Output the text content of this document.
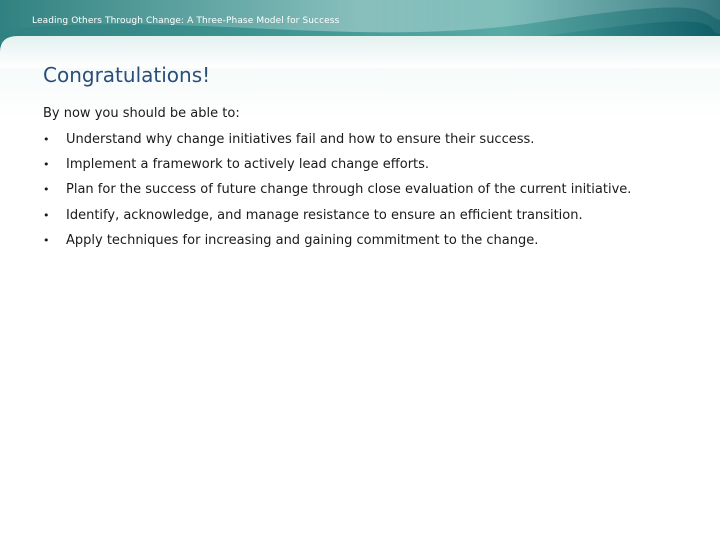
Leading Others Through Change: A Three-Phase Model for Success
Congratulations!
By now you should be able to:
•	Understand why change initiatives fail and how to ensure their success.
•	Implement a framework to actively lead change efforts.
•	Plan for the success of future change through close evaluation of the current initiative.
•	Identify, acknowledge, and manage resistance to ensure an efficient transition.
•	Apply techniques for increasing and gaining commitment to the change.
